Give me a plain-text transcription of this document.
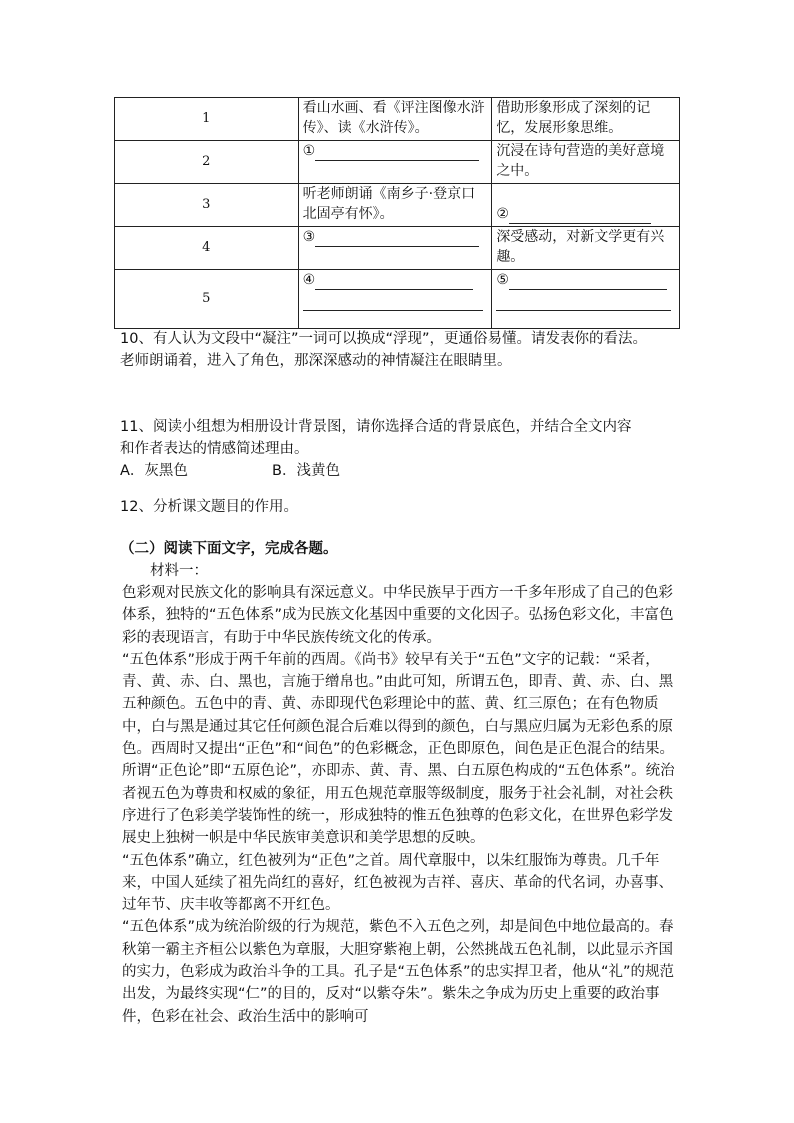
1	看山水画、看《评注图像水浒传》、读《水浒传》。	借助形象形成了深刻的记忆，发展形象思维。
2	①	沉浸在诗句营造的美好意境之中。
3	听老师朗诵《南乡子·登京口北固亭有怀》。	②
4	③	深受感动，对新文学更有兴趣。
5	④	⑤
10、有人认为文段中“凝注”一词可以换成“浮现”，更通俗易懂。请发表你的看法。
老师朗诵着，进入了角色，那深深感动的神情凝注在眼睛里。
11、阅读小组想为相册设计背景图，请你选择合适的背景底色，并结合全文内容
和作者表达的情感简述理由。
A．灰黑色	B．浅黄色
12、分析课文题目的作用。
（二）阅读下面文字，完成各题。
材料一：

色彩观对民族文化的影响具有深远意义。中华民族早于西方一千多年形成了自己的色彩体系，独特的“五色体系”成为民族文化基因中重要的文化因子。弘扬色彩文化，丰富色彩的表现语言，有助于中华民族传统文化的传承。

“五色体系”形成于两千年前的西周。《尚书》较早有关于“五色”文字的记载：“采者，青、黄、赤、白、黑也，言施于缯帛也。”由此可知，所谓五色，即青、黄、赤、白、黑五种颜色。五色中的青、黄、赤即现代色彩理论中的蓝、黄、红三原色；在有色物质中，白与黑是通过其它任何颜色混合后难以得到的颜色，白与黑应归属为无彩色系的原色。西周时又提出“正色”和“间色”的色彩概念，正色即原色，间色是正色混合的结果。所谓“正色论”即“五原色论”，亦即赤、黄、青、黑、白五原色构成的“五色体系”。统治者视五色为尊贵和权威的象征，用五色规范章服等级制度，服务于社会礼制，对社会秩序进行了色彩美学装饰性的统一，形成独特的惟五色独尊的色彩文化，在世界色彩学发展史上独树一帜是中华民族审美意识和美学思想的反映。

“五色体系”确立，红色被列为“正色”之首。周代章服中，以朱红服饰为尊贵。几千年来，中国人延续了祖先尚红的喜好，红色被视为吉祥、喜庆、革命的代名词，办喜事、过年节、庆丰收等都离不开红色。

“五色体系”成为统治阶级的行为规范，紫色不入五色之列，却是间色中地位最高的。春秋第一霸主齐桓公以紫色为章服，大胆穿紫袍上朝，公然挑战五色礼制，以此显示齐国的实力，色彩成为政治斗争的工具。孔子是“五色体系”的忠实捍卫者，他从“礼”的规范出发，为最终实现“仁”的目的，反对“以紫夺朱”。紫朱之争成为历史上重要的政治事件，色彩在社会、政治生活中的影响可
